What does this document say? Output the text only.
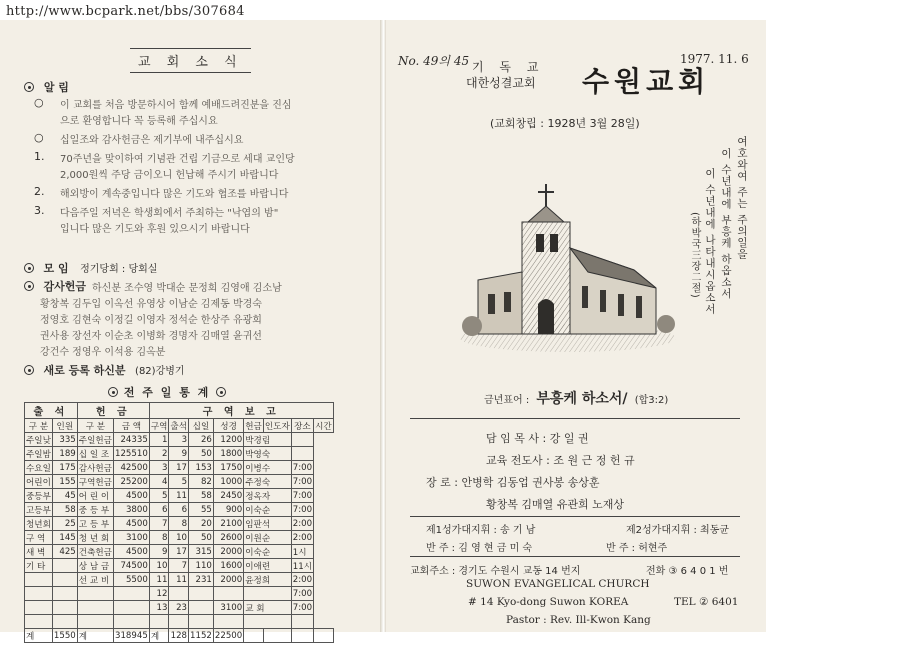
http://www.bcpark.net/bbs/307684
교 회 소 식
알 림
○ 이 교회를 처음 방문하시어 함께 예배드려진분을 진심
으로 환영합니다 꼭 등록해 주십시요
○ 십일조와 감사헌금은 제기부에 내주십시요
1. 70주년을 맞이하여 기념관 건립 기금으로 세대 교인당
2,000원씩 주당 금이오니 헌납해 주시기 바랍니다
2. 해외방이 계속중입니다 많은 기도와 협조를 바랍니다
3. 다음주일 저녁은 학생회에서 주최하는 "낙엽의 밤"
입니다 많은 기도와 후원 있으시기 바랍니다
모 임 정기당회 : 당회실
감사헌금 하신분 조수영 박대순 문정희 김영애 김소남
황창복 김두입 이옥선 유영상 이남순 김제동 박경숙
정영호 김현숙 이정길 이영자 정석순 한상주 유광희
권사용 장선자 이순초 이병화 경명자 김매열 윤귀선
강건수 정영우 이석용 김옥분
새로 등록 하신분 (82)강병기
전 주 일 통 계
출 석		헌 금		구 역 보 고							
구 분	인원	구 분	금 액	구역	출석	십일	성경	헌금	인도자	장소	시간
주일낮	335	주일헌금	24335	1	3	26	1200	박경림			
주일밤	189	십 일 조	125510	2	9	50	1800	박영숙			
수요일	175	감사헌금	42500	3	17	153	1750	이병수		7:00	
어린이	155	구역헌금	25200	4	5	82	1000	주정숙		7:00	
중등부	45	어 린 이	4500	5	11	58	2450	정옥자		7:00	
고등부	58	중 등 부	3800	6	6	55	900	이숙순		7:00	
청년회	25	고 등 부	4500	7	8	20	2100	임판석		2:00	
구 역	145	청 년 회	3100	8	10	50	2600	이원순		2:00	
새 벽	425	건축헌금	4500	9	17	315	2000	이숙순		1시	
기 타		상 남 금	74500	10	7	110	1600	이애련		11시	
		선 교 비	5500	11	11	231	2000	윤정희		2:00	
				12						7:00	
				13	23		3100	교 회		7:00	

계	1550	계	318945	계	128	1152	22500				
No. 49의 45	1977. 11. 6
기 독 교
대한성결교회 수원교회
(교회창립 : 1928년 3월 28일)
여호와여 주는 주의일을
이 수년내에 부흥케 하옵소서
이 수년내에 나타내시옵소서
(하박국三장二절)
금년표어 : 부흥케 하소서/ (합3:2)
담 임 목 사 : 강 일 권
교육 전도사 : 조 원 근 정 헌 규
장 로 : 안병학 김동업 권사봉 송상훈
황창복 김매열 유관희 노재상
제1성가대지휘 : 송 기 남	제2성가대지휘 : 최동균
반 주 : 김 영 현 금 미 숙	반 주 : 허현주
교회주소 : 경기도 수원시 교동 14 번지	전화 ③ 6 4 0 1 번
SUWON EVANGELICAL CHURCH
# 14 Kyo-dong Suwon KOREA	TEL ② 6401
Pastor : Rev. Ill-Kwon Kang
